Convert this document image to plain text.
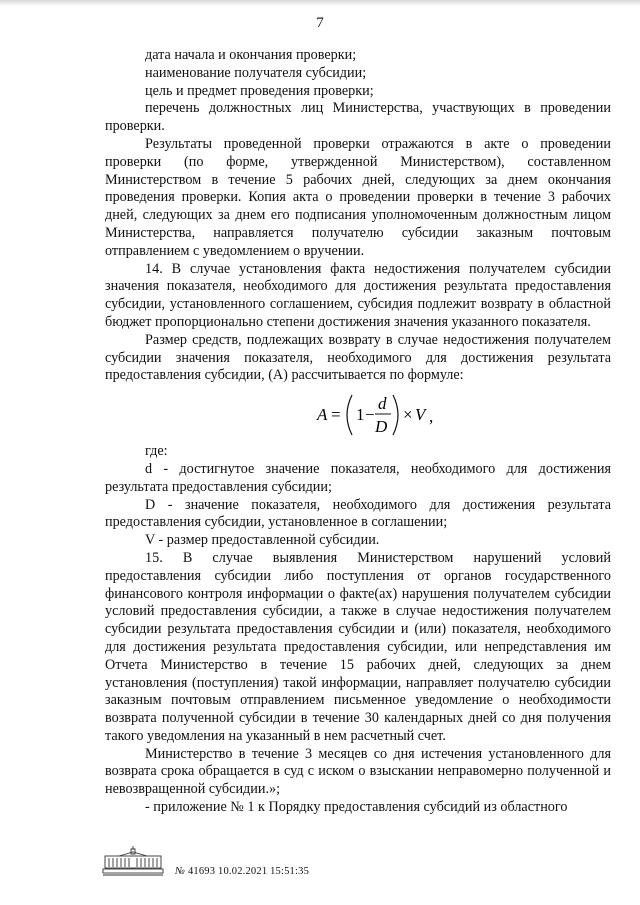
7

дата начала и окончания проверки;

наименование получателя субсидии;

цель и предмет проведения проверки;

перечень должностных лиц Министерства, участвующих в проведении проверки.

Результаты проведенной проверки отражаются в акте о проведении проверки (по форме, утвержденной Министерством), составленном Министерством в течение 5 рабочих дней, следующих за днем окончания проведения проверки. Копия акта о проведении проверки в течение 3 рабочих дней, следующих за днем его подписания уполномоченным должностным лицом Министерства, направляется получателю субсидии заказным почтовым отправлением с уведомлением о вручении.

14. В случае установления факта недостижения получателем субсидии значения показателя, необходимого для достижения результата предоставления субсидии, установленного соглашением, субсидия подлежит возврату в областной бюджет пропорционально степени достижения значения указанного показателя.

Размер средств, подлежащих возврату в случае недостижения получателем субсидии значения показателя, необходимого для достижения результата предоставления субсидии, (А) рассчитывается по формуле:

A = 1 −
d
D
× V ,

где:

d - достигнутое значение показателя, необходимого для достижения результата предоставления субсидии;

D - значение показателя, необходимого для достижения результата предоставления субсидии, установленное в соглашении;

V - размер предоставленной субсидии.

15. В случае выявления Министерством нарушений условий предоставления субсидии либо поступления от органов государственного финансового контроля информации о факте(ах) нарушения получателем субсидии условий предоставления субсидии, а также в случае недостижения получателем субсидии результата предоставления субсидии и (или) показателя, необходимого для достижения результата предоставления субсидии, или непредставления им Отчета Министерство в течение 15 рабочих дней, следующих за днем установления (поступления) такой информации, направляет получателю субсидии заказным почтовым отправлением письменное уведомление о необходимости возврата полученной субсидии в течение 30 календарных дней со дня получения такого уведомления на указанный в нем расчетный счет.

Министерство в течение 3 месяцев со дня истечения установленного для возврата срока обращается в суд с иском о взыскании неправомерно полученной и невозвращенной субсидии.»;

- приложение № 1 к Порядку предоставления субсидий из областного

№ 41693 10.02.2021 15:51:35
